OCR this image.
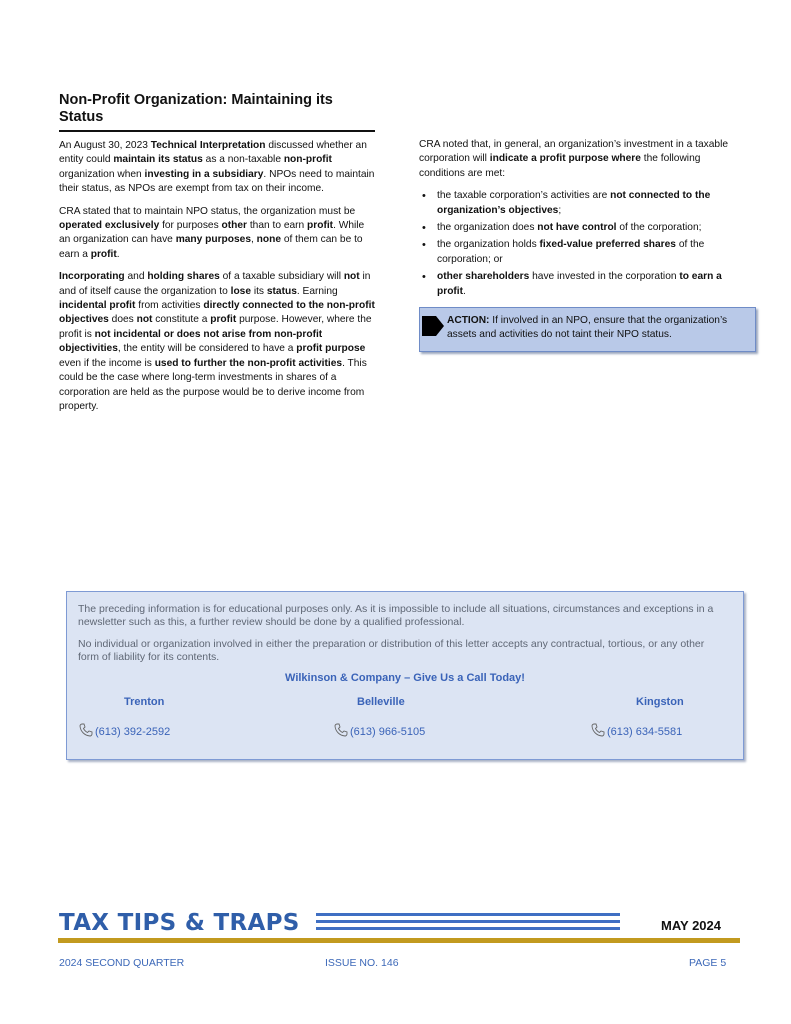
Non-Profit Organization: Maintaining its Status

An August 30, 2023 Technical Interpretation discussed whether an entity could maintain its status as a non-taxable non-profit organization when investing in a subsidiary. NPOs need to maintain their status, as NPOs are exempt from tax on their income.

CRA stated that to maintain NPO status, the organization must be operated exclusively for purposes other than to earn profit. While an organization can have many purposes, none of them can be to earn a profit.

Incorporating and holding shares of a taxable subsidiary will not in and of itself cause the organization to lose its status. Earning incidental profit from activities directly connected to the non-profit objectives does not constitute a profit purpose. However, where the profit is not incidental or does not arise from non-profit objectivities, the entity will be considered to have a profit purpose even if the income is used to further the non-profit activities. This could be the case where long-term investments in shares of a corporation are held as the purpose would be to derive income from property.

CRA noted that, in general, an organization’s investment in a taxable corporation will indicate a profit purpose where the following conditions are met:

• the taxable corporation’s activities are not connected to the organization’s objectives;
• the organization does not have control of the corporation;
• the organization holds fixed-value preferred shares of the corporation; or
• other shareholders have invested in the corporation to earn a profit.

ACTION: If involved in an NPO, ensure that the organization’s assets and activities do not taint their NPO status.

The preceding information is for educational purposes only. As it is impossible to include all situations, circumstances and exceptions in a newsletter such as this, a further review should be done by a qualified professional.

No individual or organization involved in either the preparation or distribution of this letter accepts any contractual, tortious, or any other form of liability for its contents.

Wilkinson & Company – Give Us a Call Today!
Trenton	Belleville	Kingston
(613) 392-2592	(613) 966-5105	(613) 634-5581
TAX TIPS & TRAPS	MAY 2024
2024 SECOND QUARTER	ISSUE NO. 146	PAGE 5
